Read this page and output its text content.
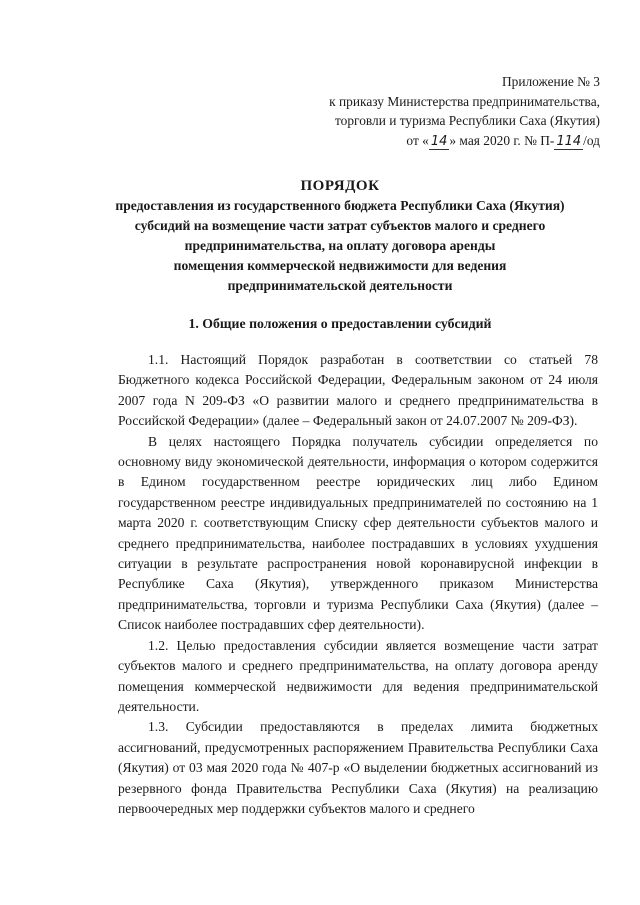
Приложение № 3
к приказу Министерства предпринимательства,
торговли и туризма Республики Саха (Якутия)
от « 14 » мая 2020 г. № П- 114 /од
ПОРЯДОК
предоставления из государственного бюджета Республики Саха (Якутия)
субсидий на возмещение части затрат субъектов малого и среднего
предпринимательства, на оплату договора аренды
помещения коммерческой недвижимости для ведения
предпринимательской деятельности
1. Общие положения о предоставлении субсидий

1.1. Настоящий Порядок разработан в соответствии со статьей 78 Бюджетного кодекса Российской Федерации, Федеральным законом от 24 июля 2007 года N 209-ФЗ «О развитии малого и среднего предпринимательства в Российской Федерации» (далее – Федеральный закон от 24.07.2007 № 209-ФЗ).

В целях настоящего Порядка получатель субсидии определяется по основному виду экономической деятельности, информация о котором содержится в Едином государственном реестре юридических лиц либо Едином государственном реестре индивидуальных предпринимателей по состоянию на 1 марта 2020 г. соответствующим Списку сфер деятельности субъектов малого и среднего предпринимательства, наиболее пострадавших в условиях ухудшения ситуации в результате распространения новой коронавирусной инфекции в Республике Саха (Якутия), утвержденного приказом Министерства предпринимательства, торговли и туризма Республики Саха (Якутия) (далее – Список наиболее пострадавших сфер деятельности).

1.2. Целью предоставления субсидии является возмещение части затрат субъектов малого и среднего предпринимательства, на оплату договора аренду помещения коммерческой недвижимости для ведения предпринимательской деятельности.

1.3. Субсидии предоставляются в пределах лимита бюджетных ассигнований, предусмотренных распоряжением Правительства Республики Саха (Якутия) от 03 мая 2020 года № 407-р «О выделении бюджетных ассигнований из резервного фонда Правительства Республики Саха (Якутия) на реализацию первоочередных мер поддержки субъектов малого и среднего
